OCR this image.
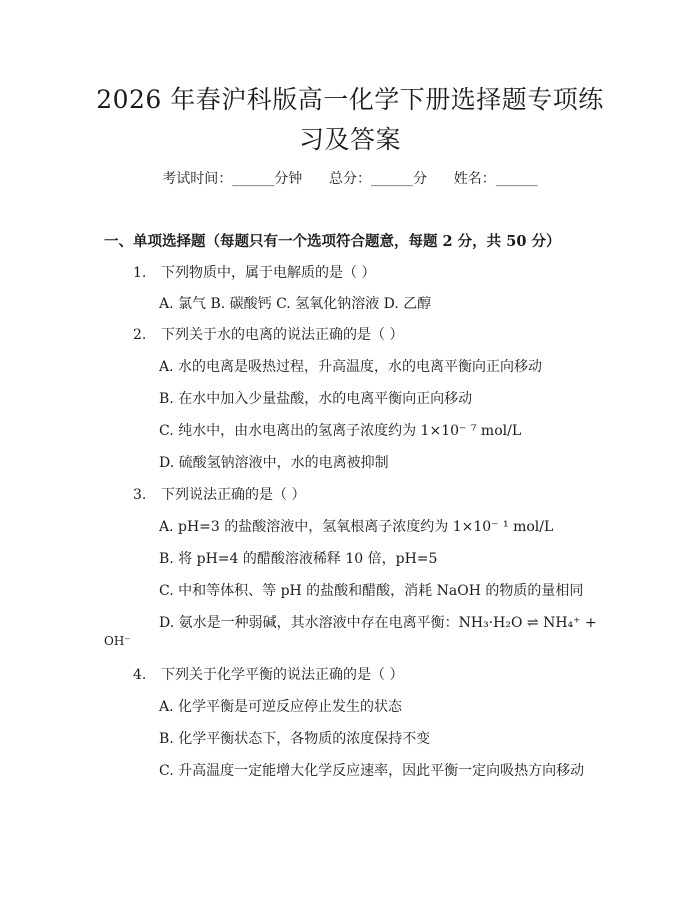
2026 年春沪科版高一化学下册选择题专项练
习及答案
考试时间：______分钟      总分：______分      姓名：______
一、单项选择题（每题只有一个选项符合题意，每题 2 分，共 50 分）
1. 下列物质中，属于电解质的是（ ）
A. 氯气 B. 碳酸钙 C. 氢氧化钠溶液 D. 乙醇
2. 下列关于水的电离的说法正确的是（ ）
A. 水的电离是吸热过程，升高温度，水的电离平衡向正向移动
B. 在水中加入少量盐酸，水的电离平衡向正向移动
C. 纯水中，由水电离出的氢离子浓度约为 1×10⁻ ⁷ mol/L
D. 硫酸氢钠溶液中，水的电离被抑制
3. 下列说法正确的是（ ）
A. pH=3 的盐酸溶液中，氢氧根离子浓度约为 1×10⁻ ¹ mol/L
B. 将 pH=4 的醋酸溶液稀释 10 倍，pH=5
C. 中和等体积、等 pH 的盐酸和醋酸，消耗 NaOH 的物质的量相同
D. 氨水是一种弱碱，其水溶液中存在电离平衡：NH₃·H₂O ⇌ NH₄⁺ +
OH⁻
4. 下列关于化学平衡的说法正确的是（ ）
A. 化学平衡是可逆反应停止发生的状态
B. 化学平衡状态下，各物质的浓度保持不变
C. 升高温度一定能增大化学反应速率，因此平衡一定向吸热方向移动
